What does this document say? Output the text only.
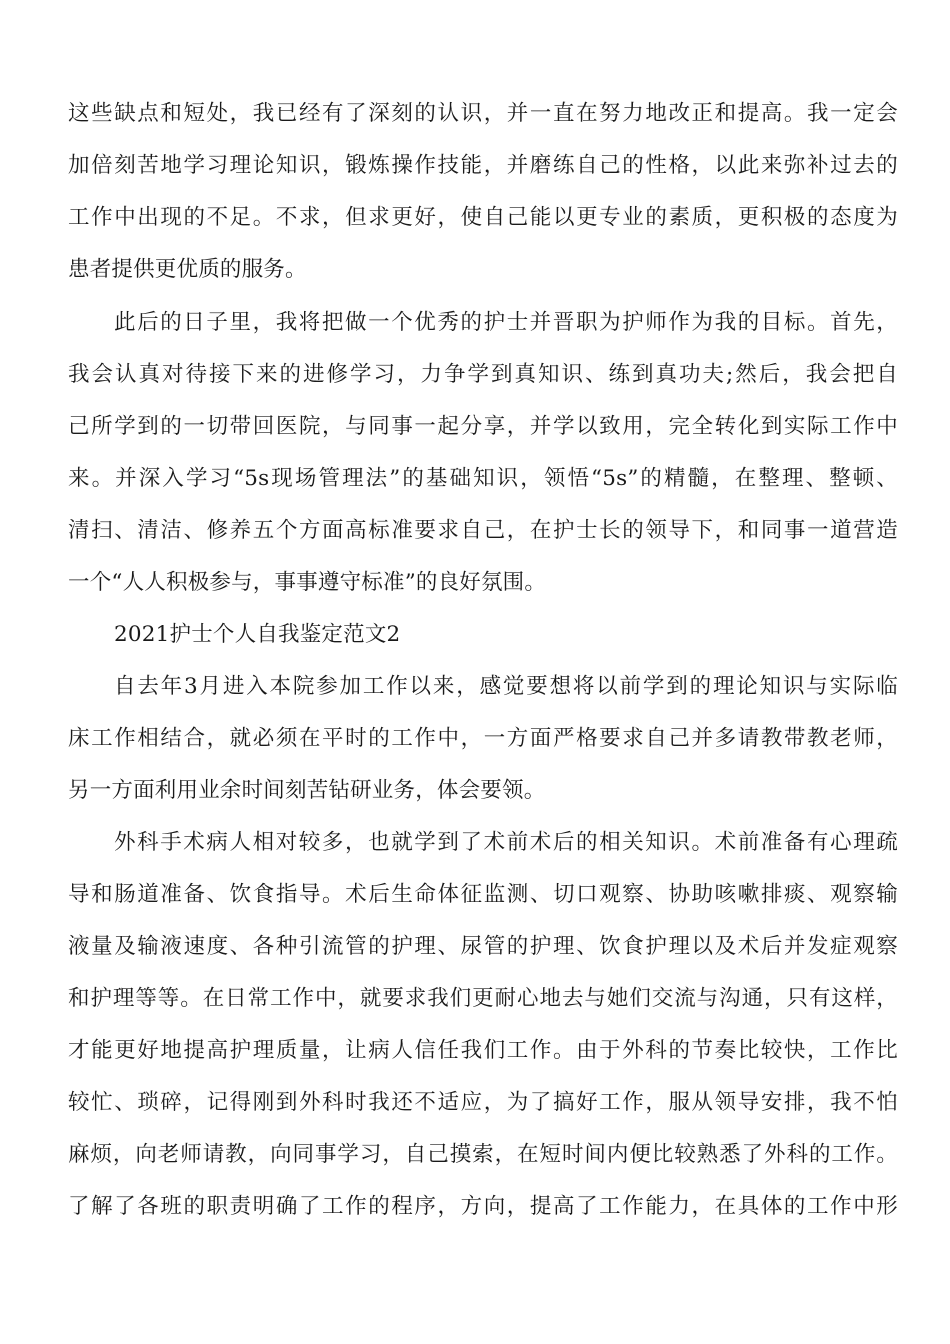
这些缺点和短处，我已经有了深刻的认识，并一直在努力地改正和提高。我一定会
加倍刻苦地学习理论知识，锻炼操作技能，并磨练自己的性格，以此来弥补过去的
工作中出现的不足。不求，但求更好，使自己能以更专业的素质，更积极的态度为
患者提供更优质的服务。
此后的日子里，我将把做一个优秀的护士并晋职为护师作为我的目标。首先，
我会认真对待接下来的进修学习，力争学到真知识、练到真功夫;然后，我会把自
己所学到的一切带回医院，与同事一起分享，并学以致用，完全转化到实际工作中
来。并深入学习“5s现场管理法”的基础知识，领悟“5s”的精髓，在整理、整顿、
清扫、清洁、修养五个方面高标准要求自己，在护士长的领导下，和同事一道营造
一个“人人积极参与，事事遵守标准”的良好氛围。
2021护士个人自我鉴定范文2
自去年3月进入本院参加工作以来，感觉要想将以前学到的理论知识与实际临
床工作相结合，就必须在平时的工作中，一方面严格要求自己并多请教带教老师，
另一方面利用业余时间刻苦钻研业务，体会要领。
外科手术病人相对较多，也就学到了术前术后的相关知识。术前准备有心理疏
导和肠道准备、饮食指导。术后生命体征监测、切口观察、协助咳嗽排痰、观察输
液量及输液速度、各种引流管的护理、尿管的护理、饮食护理以及术后并发症观察
和护理等等。在日常工作中，就要求我们更耐心地去与她们交流与沟通，只有这样，
才能更好地提高护理质量，让病人信任我们工作。由于外科的节奏比较快，工作比
较忙、琐碎，记得刚到外科时我还不适应，为了搞好工作，服从领导安排，我不怕
麻烦，向老师请教，向同事学习，自己摸索，在短时间内便比较熟悉了外科的工作。
了解了各班的职责明确了工作的程序，方向，提高了工作能力，在具体的工作中形
